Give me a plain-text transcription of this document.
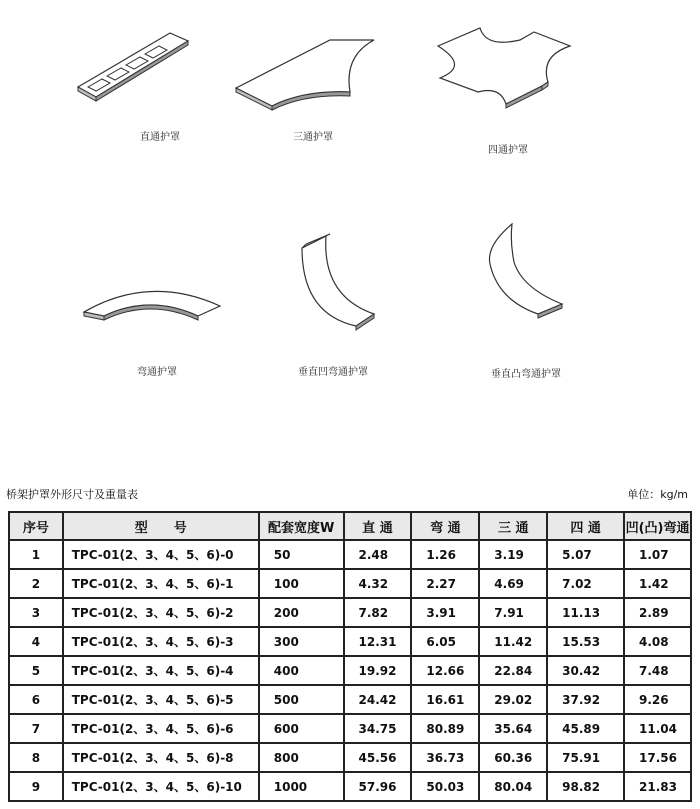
直通护罩	三通护罩
四通护罩
弯通护罩	垂直凹弯通护罩	垂直凸弯通护罩
桥架护罩外形尺寸及重量表	单位：kg/m
序号	型　　号	配套宽度W	直 通	弯 通	三 通	四 通	凹(凸)弯通
1	TPC-01(2、3、4、5、6)-0	50	2.48	1.26	3.19	5.07	1.07
2	TPC-01(2、3、4、5、6)-1	100	4.32	2.27	4.69	7.02	1.42
3	TPC-01(2、3、4、5、6)-2	200	7.82	3.91	7.91	11.13	2.89
4	TPC-01(2、3、4、5、6)-3	300	12.31	6.05	11.42	15.53	4.08
5	TPC-01(2、3、4、5、6)-4	400	19.92	12.66	22.84	30.42	7.48
6	TPC-01(2、3、4、5、6)-5	500	24.42	16.61	29.02	37.92	9.26
7	TPC-01(2、3、4、5、6)-6	600	34.75	80.89	35.64	45.89	11.04
8	TPC-01(2、3、4、5、6)-8	800	45.56	36.73	60.36	75.91	17.56
9	TPC-01(2、3、4、5、6)-10	1000	57.96	50.03	80.04	98.82	21.83
